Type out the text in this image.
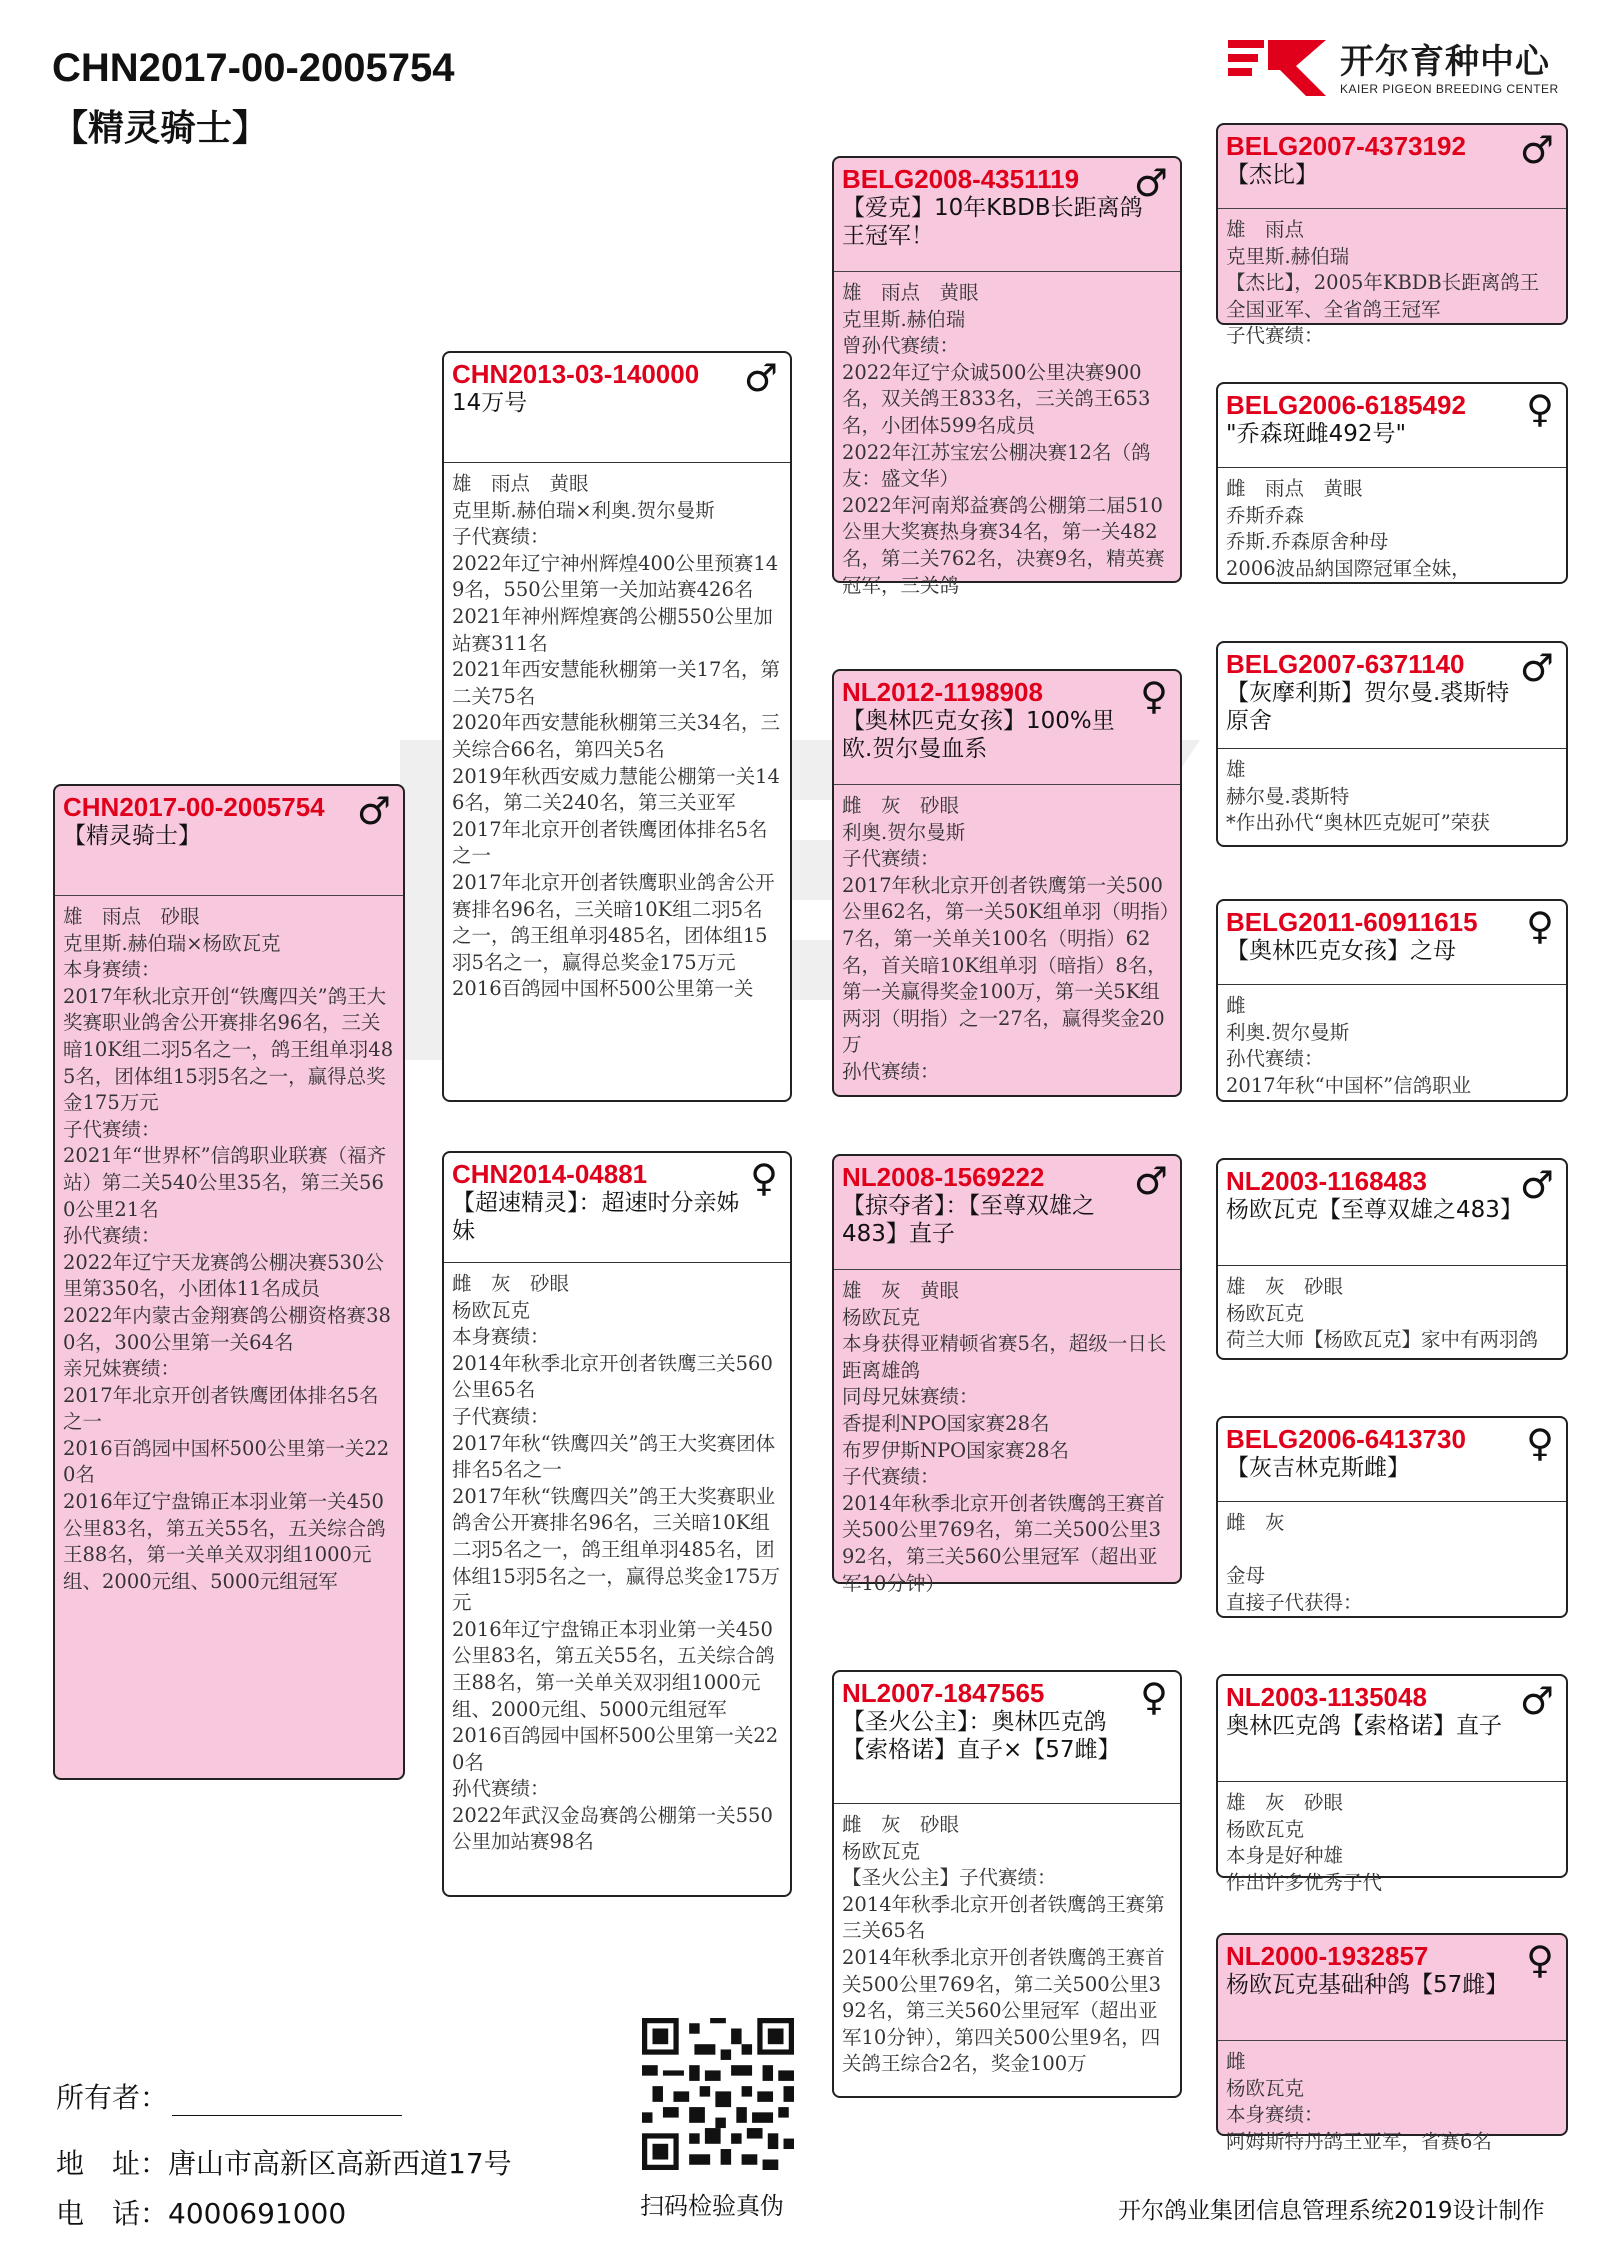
CHN2017-00-2005754
【精灵骑士】
开尔育种中心
KAIER PIGEON BREEDING CENTER
CHN2017-00-2005754
【精灵骑士】
♂
雄　雨点　砂眼
克里斯.赫伯瑞×杨欧瓦克
本身赛绩：
2017年秋北京开创“铁鹰四关”鸽王大奖赛职业鸽舍公开赛排名96名，三关暗10K组二羽5名之一，鸽王组单羽485名，团体组15羽5名之一，赢得总奖金175万元
子代赛绩：
2021年“世界杯”信鸽职业联赛（福齐站）第二关540公里35名，第三关560公里21名
孙代赛绩：
2022年辽宁天龙赛鸽公棚决赛530公里第350名，小团体11名成员
2022年内蒙古金翔赛鸽公棚资格赛380名，300公里第一关64名
亲兄妹赛绩：
2017年北京开创者铁鹰团体排名5名之一
2016百鸽园中国杯500公里第一关220名
2016年辽宁盘锦正本羽业第一关450公里83名，第五关55名，五关综合鸽王88名，第一关单关双羽组1000元组、2000元组、5000元组冠军
CHN2013-03-140000
14万号
♂
雄　雨点　黄眼
克里斯.赫伯瑞×利奥.贺尔曼斯
子代赛绩：
2022年辽宁神州辉煌400公里预赛149名，550公里第一关加站赛426名
2021年神州辉煌赛鸽公棚550公里加站赛311名
2021年西安慧能秋棚第一关17名，第二关75名
2020年西安慧能秋棚第三关34名，三关综合66名，第四关5名
2019年秋西安威力慧能公棚第一关146名，第二关240名，第三关亚军
2017年北京开创者铁鹰团体排名5名之一
2017年北京开创者铁鹰职业鸽舍公开赛排名96名，三关暗10K组二羽5名之一，鸽王组单羽485名，团体组15羽5名之一，赢得总奖金175万元
2016百鸽园中国杯500公里第一关
CHN2014-04881
【超速精灵】：超速时分亲姊妹
♀
雌　灰　砂眼
杨欧瓦克
本身赛绩：
2014年秋季北京开创者铁鹰三关560公里65名
子代赛绩：
2017年秋“铁鹰四关”鸽王大奖赛团体排名5名之一
2017年秋“铁鹰四关”鸽王大奖赛职业鸽舍公开赛排名96名，三关暗10K组二羽5名之一，鸽王组单羽485名，团体组15羽5名之一，赢得总奖金175万元
2016年辽宁盘锦正本羽业第一关450公里83名，第五关55名，五关综合鸽王88名，第一关单关双羽组1000元组、2000元组、5000元组冠军
2016百鸽园中国杯500公里第一关220名
孙代赛绩：
2022年武汉金岛赛鸽公棚第一关550公里加站赛98名
BELG2008-4351119
【爱克】10年KBDB长距离鸽王冠军！
♂
雄　雨点　黄眼
克里斯.赫伯瑞
曾孙代赛绩：
2022年辽宁众诚500公里决赛900名，双关鸽王833名，三关鸽王653名，小团体599名成员
2022年江苏宝宏公棚决赛12名（鸽友：盛文华）
2022年河南郑益赛鸽公棚第二届510公里大奖赛热身赛34名，第一关482名，第二关762名，决赛9名，精英赛冠军，三关鸽
NL2012-1198908
【奥林匹克女孩】100%里欧.贺尔曼血系
♀
雌　灰　砂眼
利奥.贺尔曼斯
子代赛绩：
2017年秋北京开创者铁鹰第一关500公里62名，第一关50K组单羽（明指）7名，第一关单关100名（明指）62名，首关暗10K组单羽（暗指）8名，第一关赢得奖金100万，第一关5K组两羽（明指）之一27名，赢得奖金20万
孙代赛绩：
NL2008-1569222
【掠夺者】：【至尊双雄之483】直子
♂
雄　灰　黄眼
杨欧瓦克
本身获得亚精顿省赛5名，超级一日长距离雄鸽
同母兄妹赛绩：
香提利NPO国家赛28名
布罗伊斯NPO国家赛28名
子代赛绩：
2014年秋季北京开创者铁鹰鸽王赛首关500公里769名，第二关500公里392名，第三关560公里冠军（超出亚军10分钟）
NL2007-1847565
【圣火公主】：奥林匹克鸽【索格诺】直子×【57雌】
♀
雌　灰　砂眼
杨欧瓦克
【圣火公主】子代赛绩：
2014年秋季北京开创者铁鹰鸽王赛第三关65名
2014年秋季北京开创者铁鹰鸽王赛首关500公里769名，第二关500公里392名，第三关560公里冠军（超出亚军10分钟），第四关500公里9名，四关鸽王综合2名，奖金100万
BELG2007-4373192
【杰比】
♂
雄　雨点
克里斯.赫伯瑞
【杰比】，2005年KBDB长距离鸽王全国亚军、全省鸽王冠军
子代赛绩：
BELG2006-6185492
"乔森斑雌492号"
♀
雌　雨点　黄眼
乔斯乔森
乔斯.乔森原舍种母
2006波品納国際冠軍全妹，
BELG2007-6371140
【灰摩利斯】贺尔曼.裘斯特原舍
♂
雄
赫尔曼.裘斯特
*作出孙代“奥林匹克妮可”荣获
BELG2011-60911615
【奥林匹克女孩】之母
♀
雌
利奥.贺尔曼斯
孙代赛绩：
2017年秋“中国杯”信鸽职业
NL2003-1168483
杨欧瓦克【至尊双雄之483】
♂
雄　灰　砂眼
杨欧瓦克
荷兰大师【杨欧瓦克】家中有两羽鸽
BELG2006-6413730
【灰吉林克斯雌】
♀
雌　灰

金母
直接子代获得：
NL2003-1135048
奥林匹克鸽【索格诺】直子
♂
雄　灰　砂眼
杨欧瓦克
本身是好种雄
作出许多优秀子代
NL2000-1932857
杨欧瓦克基础种鸽【57雌】
♀
雌
杨欧瓦克
本身赛绩：
阿姆斯特丹鸽王亚军，省赛6名
所有者：
地　址：唐山市高新区高新西道17号
电　话：4000691000	扫码检验真伪	开尔鸽业集团信息管理系统2019设计制作
